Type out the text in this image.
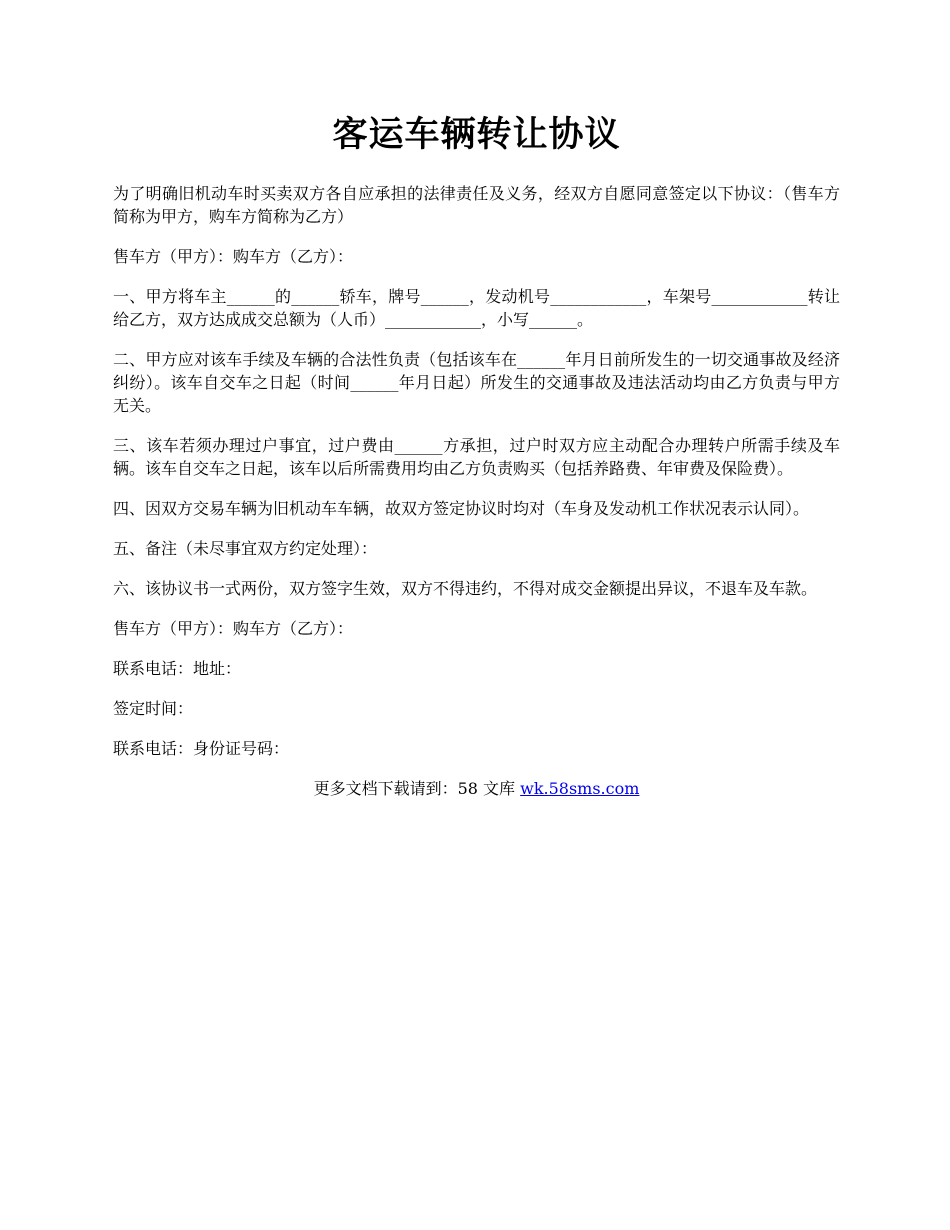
客运车辆转让协议

为了明确旧机动车时买卖双方各自应承担的法律责任及义务，经双方自愿同意签定以下协议：（售车方简称为甲方，购车方简称为乙方）

售车方（甲方）：购车方（乙方）：

一、甲方将车主______的______轿车，牌号______，发动机号____________，车架号____________转让给乙方，双方达成成交总额为（人币）____________，小写______。

二、甲方应对该车手续及车辆的合法性负责（包括该车在______年月日前所发生的一切交通事故及经济纠纷）。该车自交车之日起（时间______年月日起）所发生的交通事故及违法活动均由乙方负责与甲方无关。

三、该车若须办理过户事宜，过户费由______方承担，过户时双方应主动配合办理转户所需手续及车辆。该车自交车之日起，该车以后所需费用均由乙方负责购买（包括养路费、年审费及保险费）。

四、因双方交易车辆为旧机动车车辆，故双方签定协议时均对（车身及发动机工作状况表示认同）。

五、备注（未尽事宜双方约定处理）：

六、该协议书一式两份，双方签字生效，双方不得违约，不得对成交金额提出异议，不退车及车款。

售车方（甲方）：购车方（乙方）：

联系电话：地址：

签定时间：

联系电话：身份证号码：

更多文档下载请到：58 文库 wk.58sms.com
